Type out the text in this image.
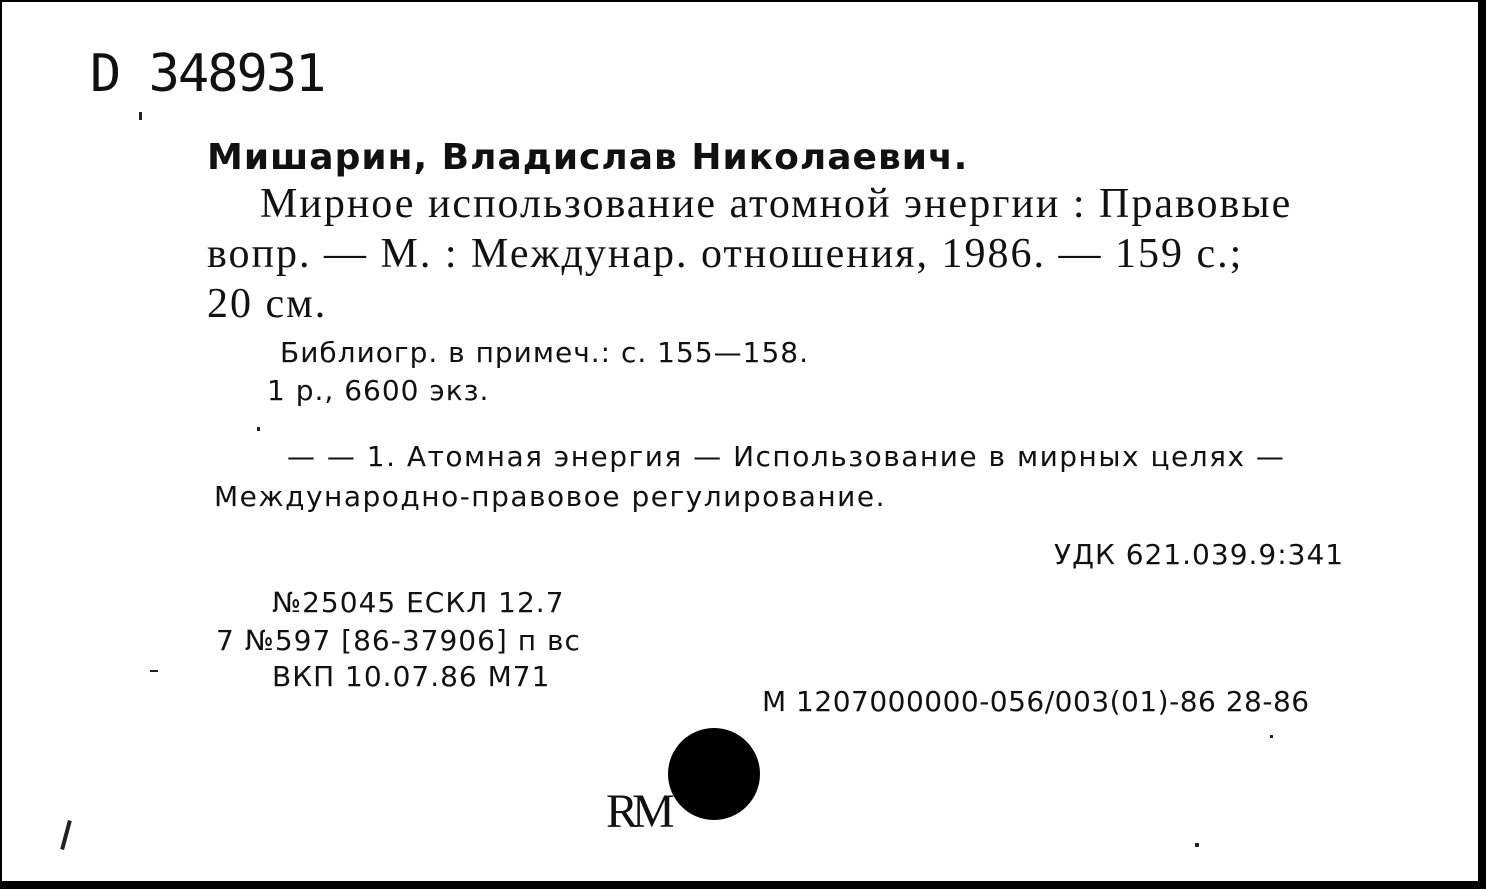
D 348931
Мишарин, Владислав Николаевич.
Мирное использование атомной энергии : Правовые
вопр. — М. : Междунар. отношения, 1986. — 159 с.;
20 см.
Библиогр. в примеч.: с. 155—158.
1 р., 6600 экз.
— — 1. Атомная энергия — Использование в мирных целях —
Международно-правовое регулирование.
УДК 621.039.9:341
№25045 ЕСКЛ 12.7
7 №597 [86-37906] п вс
ВКП 10.07.86 М71
М 1207000000-056/003(01)-86 28-86
RM
